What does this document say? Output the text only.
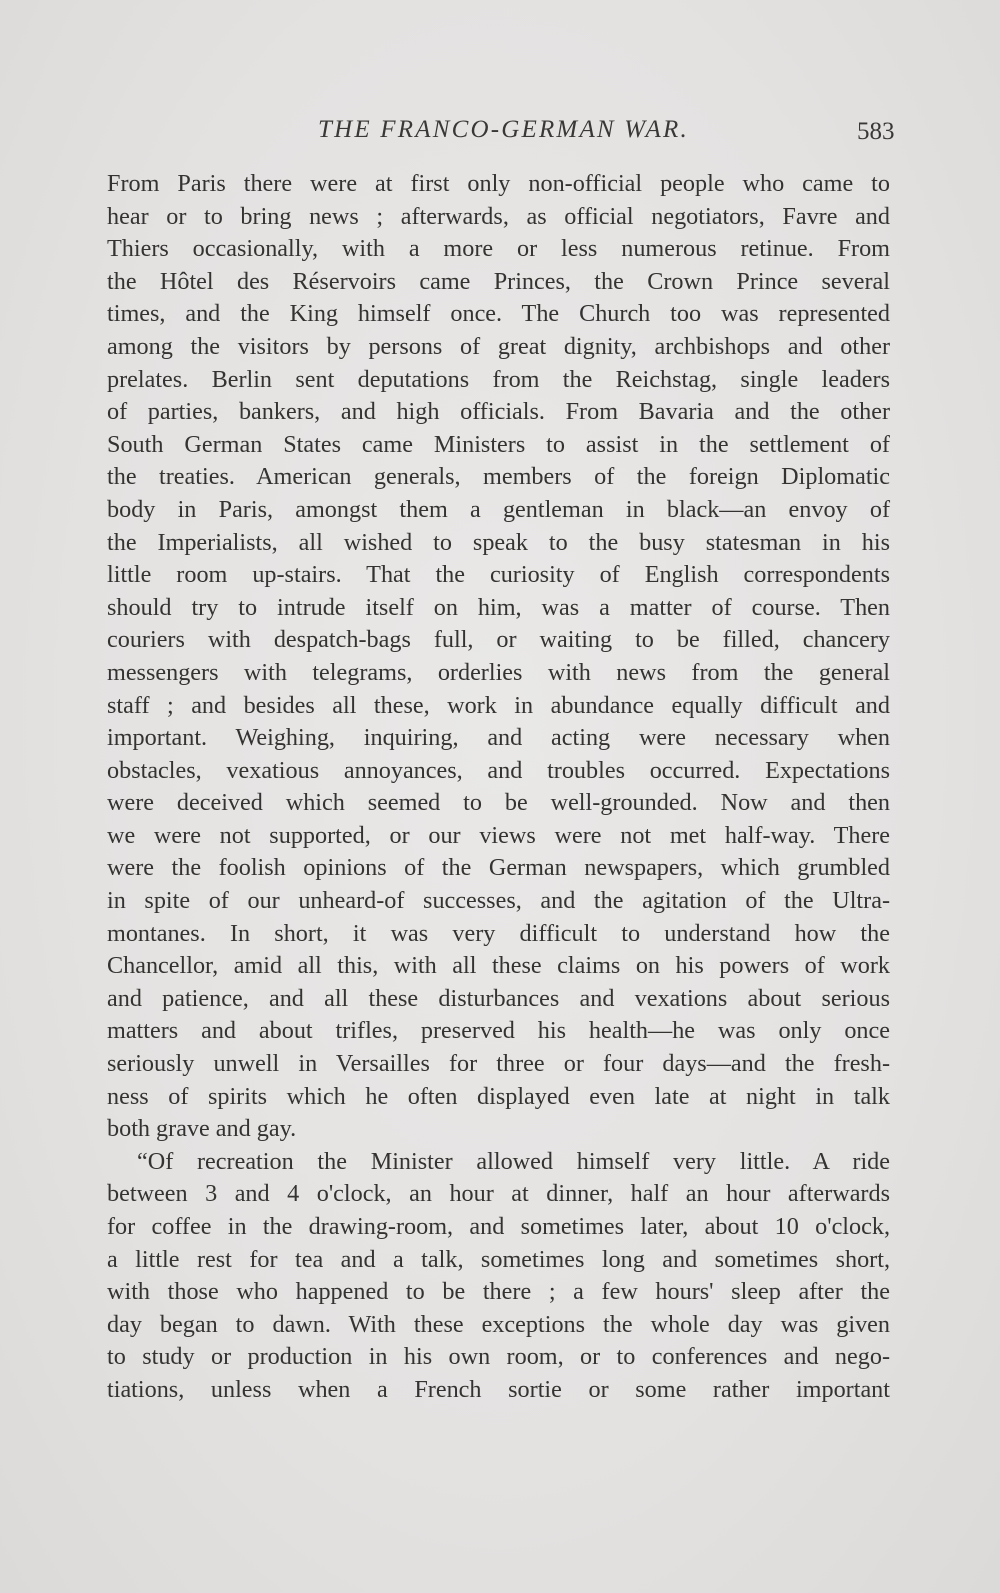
THE FRANCO-GERMAN WAR.	583
From Paris there were at first only non-official people who came to
hear or to bring news ; afterwards, as official negotiators, Favre and
Thiers occasionally, with a more or less numerous retinue. From
the Hôtel des Réservoirs came Princes, the Crown Prince several
times, and the King himself once. The Church too was represented
among the visitors by persons of great dignity, archbishops and other
prelates. Berlin sent deputations from the Reichstag, single leaders
of parties, bankers, and high officials. From Bavaria and the other
South German States came Ministers to assist in the settlement of
the treaties. American generals, members of the foreign Diplomatic
body in Paris, amongst them a gentleman in black—an envoy of
the Imperialists, all wished to speak to the busy statesman in his
little room up-stairs. That the curiosity of English correspondents
should try to intrude itself on him, was a matter of course. Then
couriers with despatch-bags full, or waiting to be filled, chancery
messengers with telegrams, orderlies with news from the general
staff ; and besides all these, work in abundance equally difficult and
important. Weighing, inquiring, and acting were necessary when
obstacles, vexatious annoyances, and troubles occurred. Expectations
were deceived which seemed to be well-grounded. Now and then
we were not supported, or our views were not met half-way. There
were the foolish opinions of the German newspapers, which grumbled
in spite of our unheard-of successes, and the agitation of the Ultra-
montanes. In short, it was very difficult to understand how the
Chancellor, amid all this, with all these claims on his powers of work
and patience, and all these disturbances and vexations about serious
matters and about trifles, preserved his health—he was only once
seriously unwell in Versailles for three or four days—and the fresh-
ness of spirits which he often displayed even late at night in talk
both grave and gay.
“Of recreation the Minister allowed himself very little. A ride
between 3 and 4 o'clock, an hour at dinner, half an hour afterwards
for coffee in the drawing-room, and sometimes later, about 10 o'clock,
a little rest for tea and a talk, sometimes long and sometimes short,
with those who happened to be there ; a few hours' sleep after the
day began to dawn. With these exceptions the whole day was given
to study or production in his own room, or to conferences and nego-
tiations, unless when a French sortie or some rather important
